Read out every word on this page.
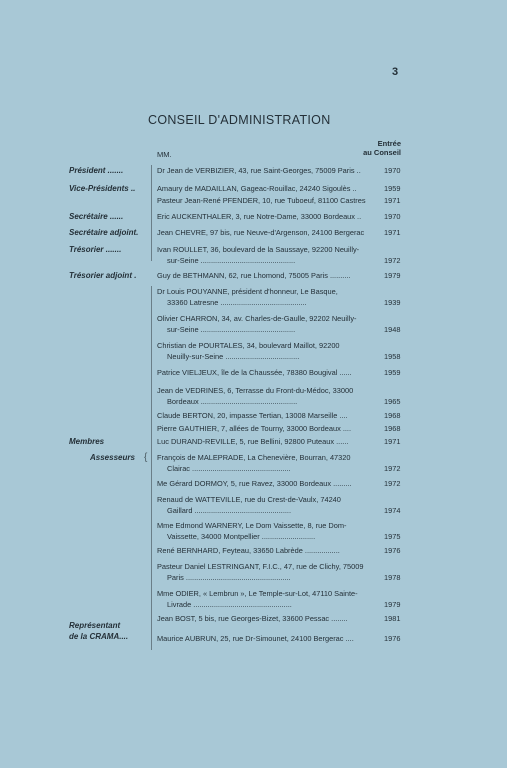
3
CONSEIL D'ADMINISTRATION
Entrée
au Conseil
MM.
{
Président .......	Dr Jean de VERBIZIER, 43, rue Saint-Georges, 75009 Paris ..	1970
Vice-Présidents ..	Amaury de MADAILLAN, Gageac-Rouillac, 24240 Sigoulès ..	1959
Pasteur Jean-René PFENDER, 10, rue Tuboeuf, 81100 Castres	1971
Secrétaire ......	Eric AUCKENTHALER, 3, rue Notre-Dame, 33000 Bordeaux ..	1970
Secrétaire adjoint.	Jean CHEVRE, 97 bis, rue Neuve-d'Argenson, 24100 Bergerac	1971
Trésorier .......	Ivan ROULLET, 36, boulevard de la Saussaye, 92200 Neuilly-
sur-Seine ..............................................	1972
Trésorier adjoint .	Guy de BETHMANN, 62, rue Lhomond, 75005 Paris ..........	1979
Dr Louis POUYANNE, président d'honneur, Le Basque,
33360 Latresne ..........................................	1939
Olivier CHARRON, 34, av. Charles-de-Gaulle, 92202 Neuilly-
sur-Seine ..............................................	1948
Christian de POURTALES, 34, boulevard Maillot, 92200
Neuilly-sur-Seine ....................................	1958
Patrice VIELJEUX, île de la Chaussée, 78380 Bougival ......	1959
Jean de VEDRINES, 6, Terrasse du Front-du-Médoc, 33000
Bordeaux ...............................................	1965
Claude BERTON, 20, impasse Tertian, 13008 Marseille ....	1968
Pierre GAUTHIER, 7, allées de Tourny, 33000 Bordeaux ....	1968
Membres	Luc DURAND-REVILLE, 5, rue Bellini, 92800 Puteaux ......	1971
Assesseurs	François de MALEPRADE, La Chenevière, Bourran, 47320
Clairac ................................................	1972
Me Gérard DORMOY, 5, rue Ravez, 33000 Bordeaux .........	1972
Renaud de WATTEVILLE, rue du Crest-de-Vaulx, 74240
Gaillard ...............................................	1974
Mme Edmond WARNERY, Le Dom Vaissette, 8, rue Dom-
Vaissette, 34000 Montpellier ..........................	1975
René BERNHARD, Feyteau, 33650 Labrède .................	1976
Pasteur Daniel LESTRINGANT, F.I.C., 47, rue de Clichy, 75009
Paris ...................................................	1978
Mme ODIER, « Lembrun », Le Temple-sur-Lot, 47110 Sainte-
Livrade ................................................	1979
Jean BOST, 5 bis, rue Georges-Bizet, 33600 Pessac ........	1981
Représentant
de la CRAMA....	Maurice AUBRUN, 25, rue Dr-Simounet, 24100 Bergerac ....	1976
